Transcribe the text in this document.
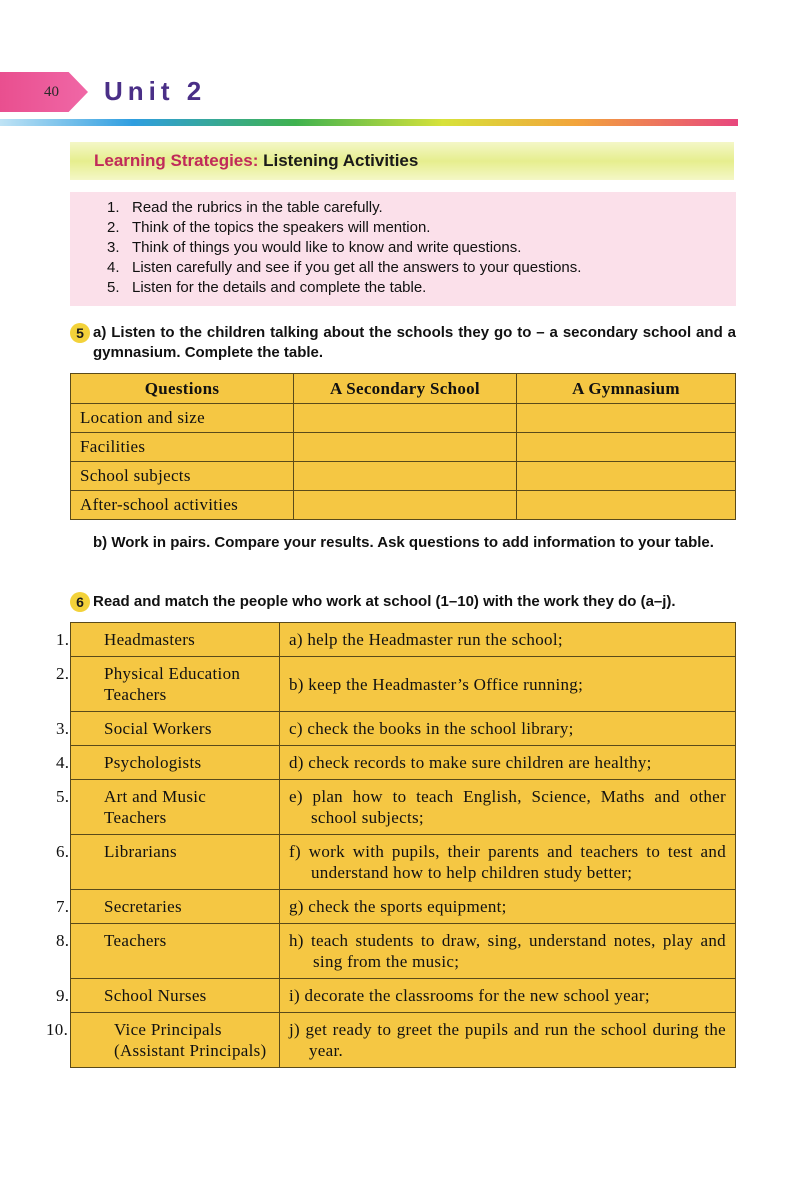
40 Unit 2
Learning Strategies: Listening Activities
1. Read the rubrics in the table carefully.
2. Think of the topics the speakers will mention.
3. Think of things you would like to know and write questions.
4. Listen carefully and see if you get all the answers to your questions.
5. Listen for the details and complete the table.
5 a) Listen to the children talking about the schools they go to – a secondary school and a gymnasium. Complete the table.
Questions	A Secondary School	A Gymnasium
Location and size		
Facilities		
School subjects		
After-school activities		
b) Work in pairs. Compare your results. Ask questions to add information to your table.
6 Read and match the people who work at school (1–10) with the work they do (a–j).
1. Headmasters	a) help the Headmaster run the school;

2. Physical Education Teachers	b) keep the Headmaster’s Office running;

3. Social Workers	c) check the books in the school library;

4. Psychologists	d) check records to make sure children are healthy;

5. Art and Music Teachers	e) plan how to teach English, Science, Maths and other school subjects;

6. Librarians	f) work with pupils, their parents and teachers to test and understand how to help children study better;

7. Secretaries	g) check the sports equipment;

8. Teachers	h) teach students to draw, sing, understand notes, play and sing from the music;

9. School Nurses	i) decorate the classrooms for the new school year;

10. Vice Principals (Assistant Principals)	j) get ready to greet the pupils and run the school during the year.
